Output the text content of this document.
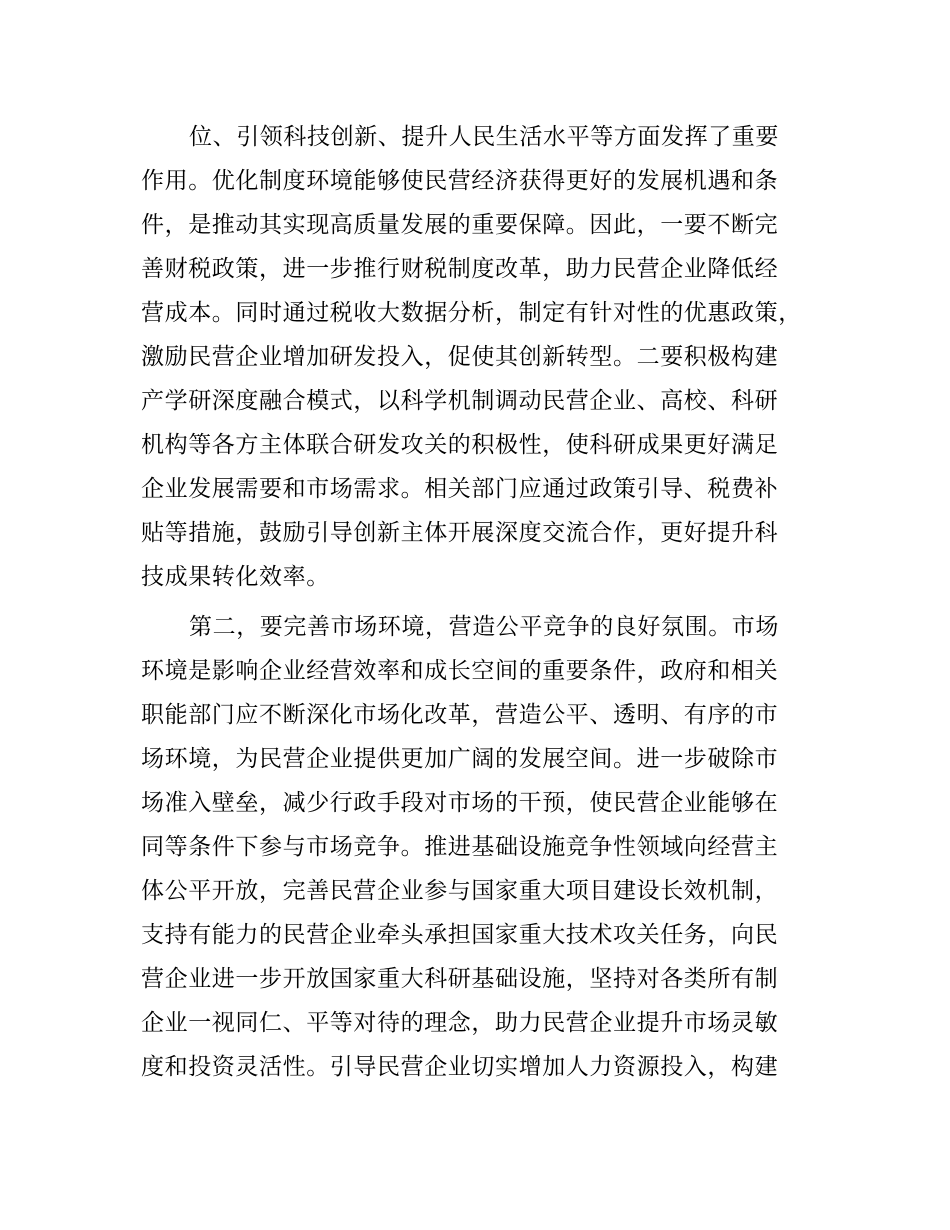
位、引领科技创新、提升人民生活水平等方面发挥了重要

作用。优化制度环境能够使民营经济获得更好的发展机遇和条

件，是推动其实现高质量发展的重要保障。因此，一要不断完

善财税政策，进一步推行财税制度改革，助力民营企业降低经

营成本。同时通过税收大数据分析，制定有针对性的优惠政策，

激励民营企业增加研发投入，促使其创新转型。二要积极构建

产学研深度融合模式，以科学机制调动民营企业、高校、科研

机构等各方主体联合研发攻关的积极性，使科研成果更好满足

企业发展需要和市场需求。相关部门应通过政策引导、税费补

贴等措施，鼓励引导创新主体开展深度交流合作，更好提升科

技成果转化效率。

第二，要完善市场环境，营造公平竞争的良好氛围。市场

环境是影响企业经营效率和成长空间的重要条件，政府和相关

职能部门应不断深化市场化改革，营造公平、透明、有序的市

场环境，为民营企业提供更加广阔的发展空间。进一步破除市

场准入壁垒，减少行政手段对市场的干预，使民营企业能够在

同等条件下参与市场竞争。推进基础设施竞争性领域向经营主

体公平开放，完善民营企业参与国家重大项目建设长效机制，

支持有能力的民营企业牵头承担国家重大技术攻关任务，向民

营企业进一步开放国家重大科研基础设施，坚持对各类所有制

企业一视同仁、平等对待的理念，助力民营企业提升市场灵敏

度和投资灵活性。引导民营企业切实增加人力资源投入，构建
